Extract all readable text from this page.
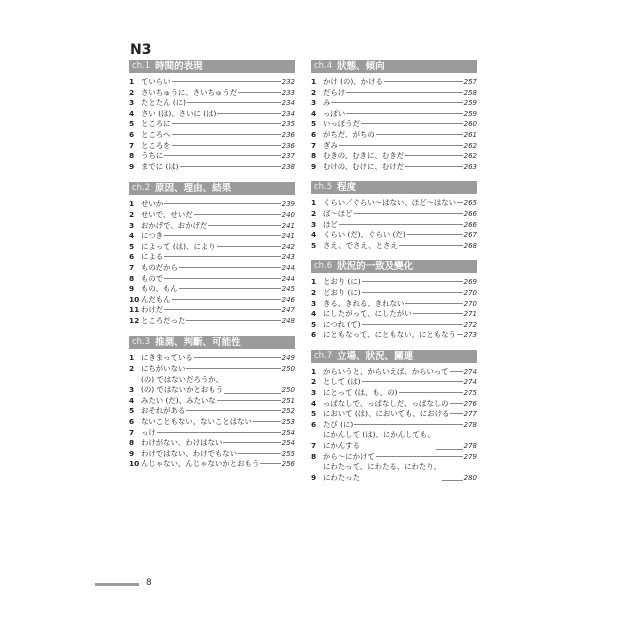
N3
ch.1 時間的表現
1 ていらい	232
2 さいちゅうに、さいちゅうだ	233
3 たとたん (に)	234
4 さい (は)、さいに (は)	234
5 ところに	235
6 ところへ	236
7 ところを	236
8 うちに	237
9 までに (は)	238
ch.2 原因、理由、結果
1 せいか	239
2 せいで、せいだ	240
3 おかげで、おかげだ	241
4 につき	241
5 によって (は)、により	242
6 による	243
7 ものだから	244
8 もので	244
9 もの、もん	245
10 んだもん	246
11 わけだ	247
12 ところだった	248
ch.3 推測、判斷、可能性
1 にきまっている	249
2 にちがいない	250
3
(の) ではないだろうか、
(の) ではないかとおもう	250
4 みたい (だ)、みたいな	251
5 おそれがある	252
6 ないこともない、ないことはない	253
7 っけ	254
8 わけがない、わけはない	254
9 わけではない、わけでもない	255
10 んじゃない、んじゃないかとおもう	256
ch.4 狀態、傾向
1 かけ (の)、かける	257
2 だらけ	258
3 み	259
4 っぽい	259
5 いっぽうだ	260
6 がちだ、がちの	261
7 ぎみ	262
8 むきの、むきに、むきだ	262
9 むけの、むけに、むけだ	263
ch.5 程度
1 くらい／ぐらい～はない、ほど～はない 265
2 ば～ほど	266
3 ほど	266
4 くらい (だ)、ぐらい (だ)	267
5 さえ、でさえ、とさえ	268
ch.6 狀況的一致及變化
1 とおり (に)	269
2 どおり (に)	270
3 きる、きれる、きれない	270
4 にしたがって、にしたがい	271
5 につれ (て)	272
6 にともなって、にともない、にともなう 273
ch.7 立場、狀況、關連
1 からいうと、からいえば、からいって 274
2 として (は)	274
3 にとって (は、も、の)	275
4 っぱなしで、っぱなしだ、っぱなしの 276
5 において (は)、においても、における 277
6 たび (に)	278
7
にかんして (は)、にかんしても、
にかんする	278
8 から～にかけて	279
9
にわたって、にわたる、にわたり、
にわたった	280
8
